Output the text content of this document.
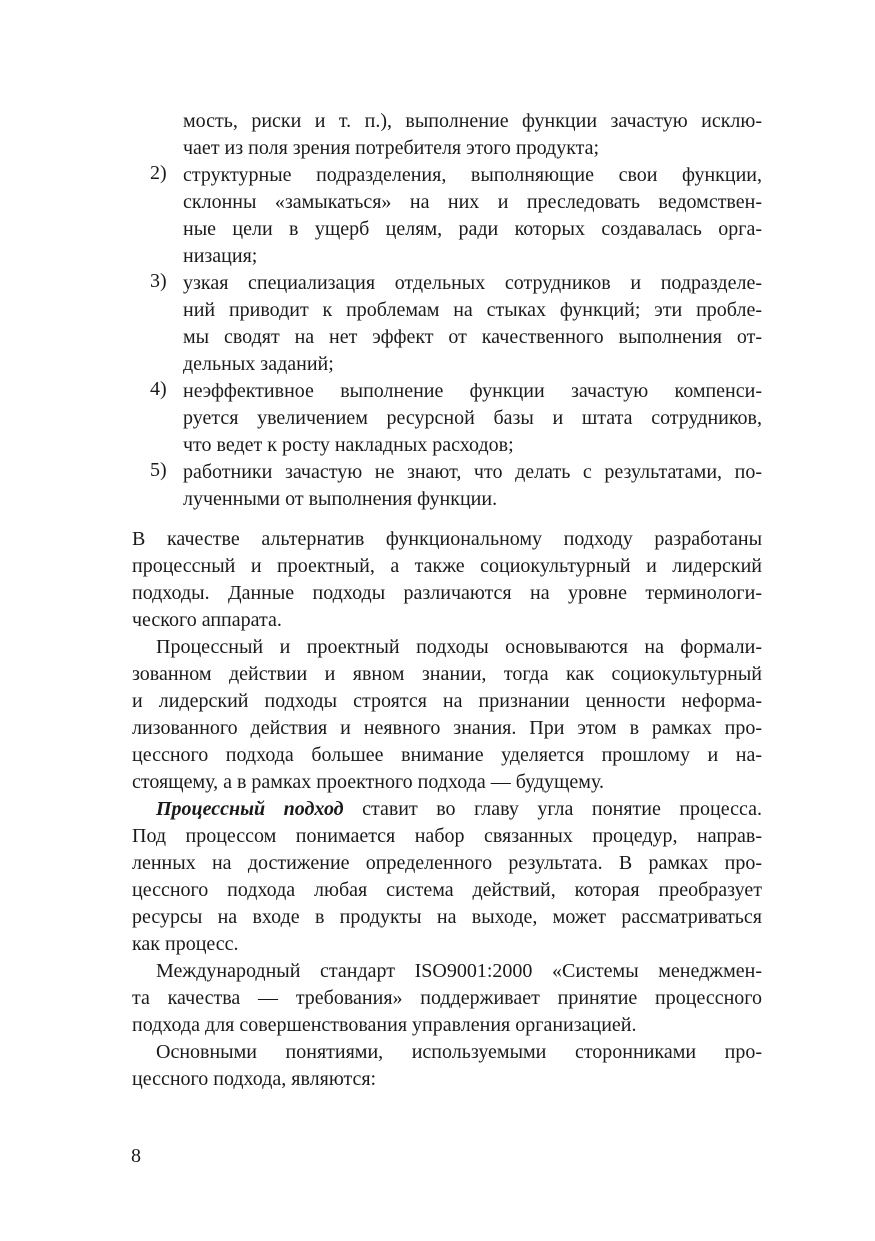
мость, риски и т. п.), выполнение функции зачастую исклю-
чает из поля зрения потребителя этого продукта;
2) структурные подразделения, выполняющие свои функции,
склонны «замыкаться» на них и преследовать ведомствен-
ные цели в ущерб целям, ради которых создавалась орга-
низация;
3) узкая специализация отдельных сотрудников и подразделе-
ний приводит к проблемам на стыках функций; эти пробле-
мы сводят на нет эффект от качественного выполнения от-
дельных заданий;
4) неэффективное выполнение функции зачастую компенси-
руется увеличением ресурсной базы и штата сотрудников,
что ведет к росту накладных расходов;
5) работники зачастую не знают, что делать с результатами, по-
лученными от выполнения функции.
В качестве альтернатив функциональному подходу разработаны
процессный и проектный, а также социокультурный и лидерский
подходы. Данные подходы различаются на уровне терминологи-
ческого аппарата.
Процессный и проектный подходы основываются на формали-
зованном действии и явном знании, тогда как социокультурный
и лидерский подходы строятся на признании ценности неформа-
лизованного действия и неявного знания. При этом в рамках про-
цессного подхода большее внимание уделяется прошлому и на-
стоящему, а в рамках проектного подхода — будущему.
Процессный подход ставит во главу угла понятие процесса.
Под процессом понимается набор связанных процедур, направ-
ленных на достижение определенного результата. В рамках про-
цессного подхода любая система действий, которая преобразует
ресурсы на входе в продукты на выходе, может рассматриваться
как процесс.
Международный стандарт ISO9001:2000 «Системы менеджмен-
та качества — требования» поддерживает принятие процессного
подхода для совершенствования управления организацией.
Основными понятиями, используемыми сторонниками про-
цессного подхода, являются:
8
